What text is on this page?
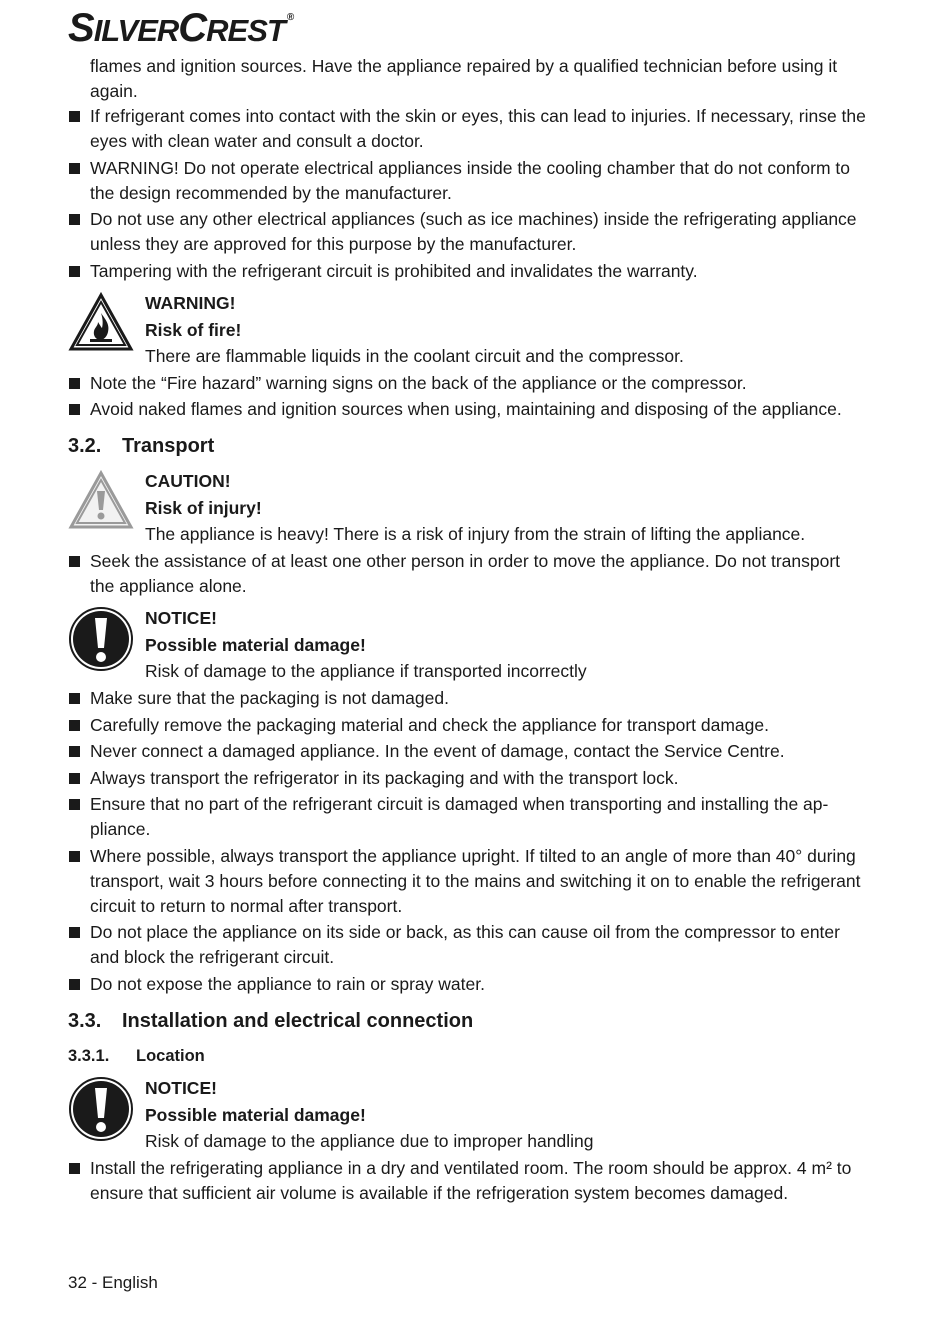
SILVERCREST ®

flames and ignition sources. Have the appliance repaired by a qualified technician before using it again.

If refrigerant comes into contact with the skin or eyes, this can lead to injuries. If necessary, rinse the eyes with clean water and consult a doctor.
WARNING! Do not operate electrical appliances inside the cooling chamber that do not conform to the design recommended by the manufacturer.
Do not use any other electrical appliances (such as ice machines) inside the refrigerating appliance unless they are approved for this purpose by the manufacturer.
Tampering with the refrigerant circuit is prohibited and invalidates the warranty.
WARNING!
Risk of fire!
There are flammable liquids in the coolant circuit and the compressor.
Note the “Fire hazard” warning signs on the back of the appliance or the compressor.
Avoid naked flames and ignition sources when using, maintaining and disposing of the appliance.
3.2. Transport
CAUTION!
Risk of injury!
The appliance is heavy! There is a risk of injury from the strain of lifting the appliance.
Seek the assistance of at least one other person in order to move the appliance. Do not transport the appliance alone.
NOTICE!
Possible material damage!
Risk of damage to the appliance if transported incorrectly
Make sure that the packaging is not damaged.
Carefully remove the packaging material and check the appliance for transport damage.
Never connect a damaged appliance. In the event of damage, contact the Service Centre.
Always transport the refrigerator in its packaging and with the transport lock.
Ensure that no part of the refrigerant circuit is damaged when transporting and installing the appliance.
Where possible, always transport the appliance upright. If tilted to an angle of more than 40° during transport, wait 3 hours before connecting it to the mains and switching it on to enable the refrigerant circuit to return to normal after transport.
Do not place the appliance on its side or back, as this can cause oil from the compressor to enter and block the refrigerant circuit.
Do not expose the appliance to rain or spray water.
3.3. Installation and electrical connection
3.3.1. Location
NOTICE!
Possible material damage!
Risk of damage to the appliance due to improper handling
Install the refrigerating appliance in a dry and ventilated room. The room should be approx. 4 m² to ensure that sufficient air volume is available if the refrigeration system becomes damaged.
32 - English
